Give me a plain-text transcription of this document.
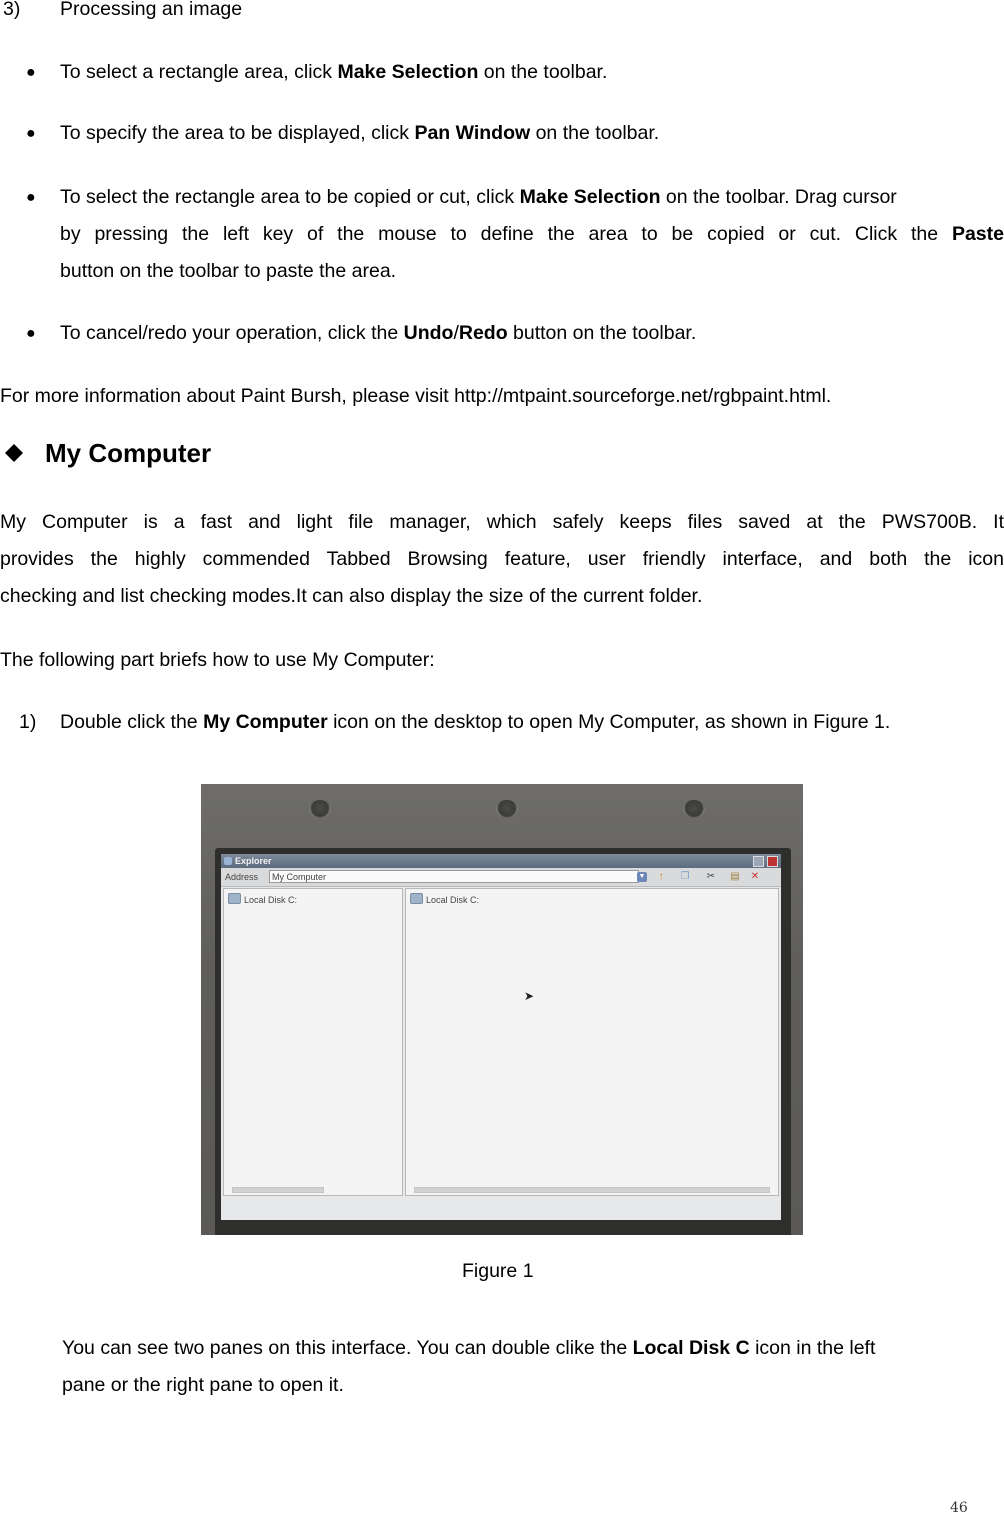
3) Processing an image
● To select a rectangle area, click Make Selection on the toolbar.
● To specify the area to be displayed, click Pan Window on the toolbar.
● To select the rectangle area to be copied or cut, click Make Selection on the toolbar. Drag cursor
by pressing the left key of the mouse to define the area to be copied or cut. Click the Paste
button on the toolbar to paste the area.
● To cancel/redo your operation, click the Undo/Redo button on the toolbar.
For more information about Paint Bursh, please visit http://mtpaint.sourceforge.net/rgbpaint.html.
My Computer
My Computer is a fast and light file manager, which safely keeps files saved at the PWS700B. It
provides the highly commended Tabbed Browsing feature, user friendly interface, and both the icon
checking and list checking modes.It can also display the size of the current folder.
The following part briefs how to use My Computer:
1) Double click the My Computer icon on the desktop to open My Computer, as shown in Figure 1.
Explorer
Address	My Computer	▼	↑	❐ ✂ ▤ ✕
Local Disk C:	Local Disk C:
➤
Figure 1
You can see two panes on this interface. You can double clike the Local Disk C icon in the left
pane or the right pane to open it.
46
